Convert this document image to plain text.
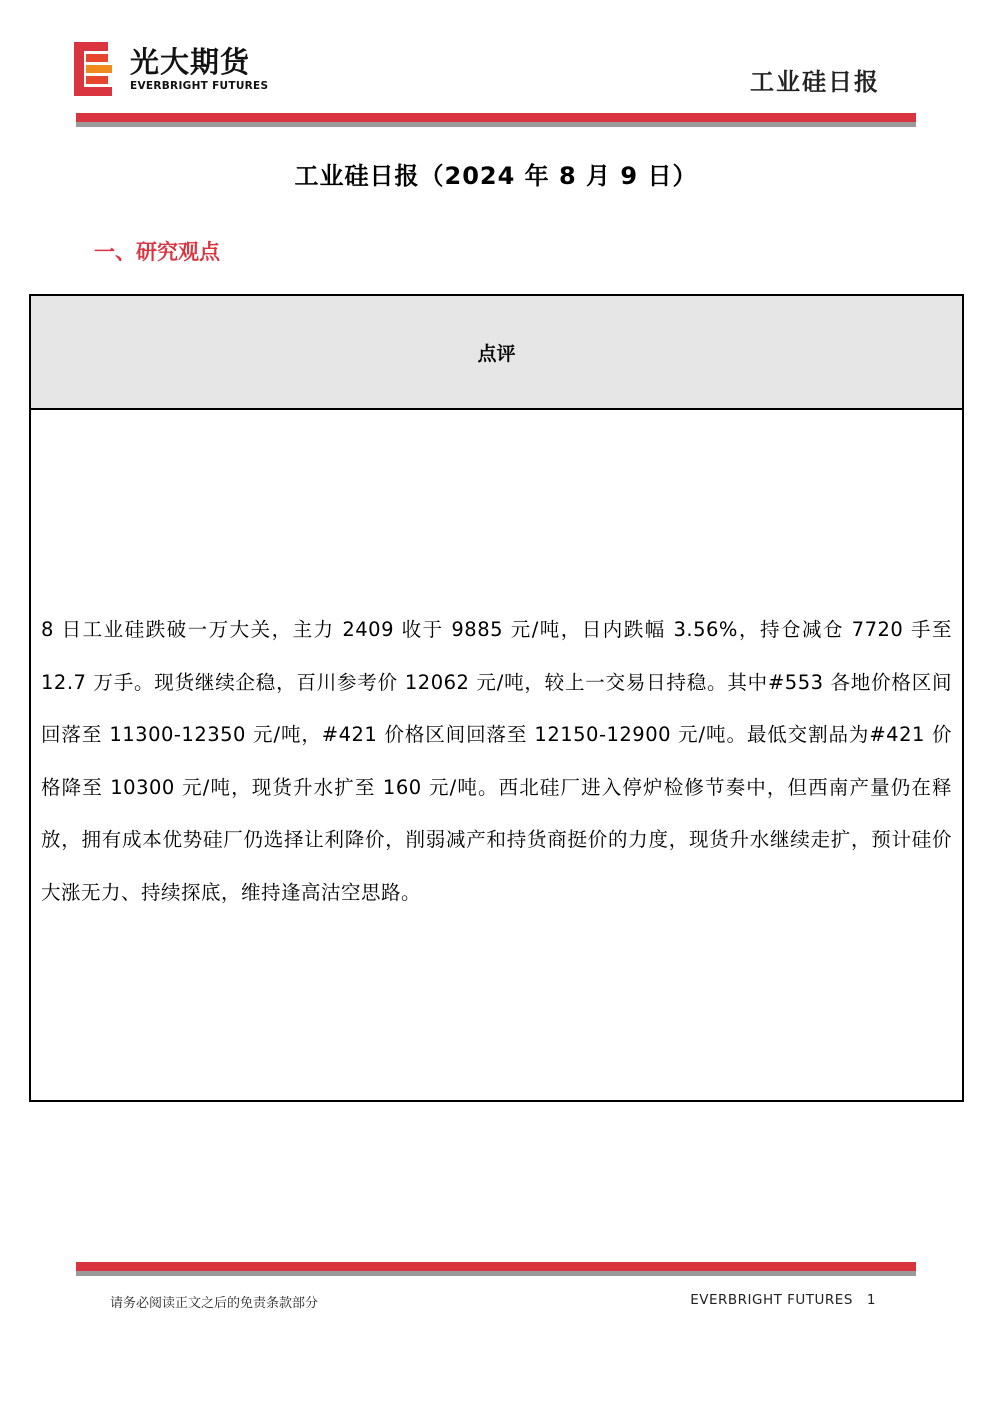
光大期货
EVERBRIGHT FUTURES	工业硅日报
工业硅日报（2024 年 8 月 9 日）
一、研究观点
点评
8 日工业硅跌破一万大关，主力 2409 收于 9885 元/吨，日内跌幅 3.56%，持仓减仓 7720 手至 12.7 万手。现货继续企稳，百川参考价 12062 元/吨，较上一交易日持稳。其中#553 各地价格区间回落至 11300-12350 元/吨，#421 价格区间回落至 12150-12900 元/吨。最低交割品为#421 价格降至 10300 元/吨，现货升水扩至 160 元/吨。西北硅厂进入停炉检修节奏中，但西南产量仍在释放，拥有成本优势硅厂仍选择让利降价，削弱减产和持货商挺价的力度，现货升水继续走扩，预计硅价大涨无力、持续探底，维持逢高沽空思路。
请务必阅读正文之后的免责条款部分	EVERBRIGHT FUTURES 1
